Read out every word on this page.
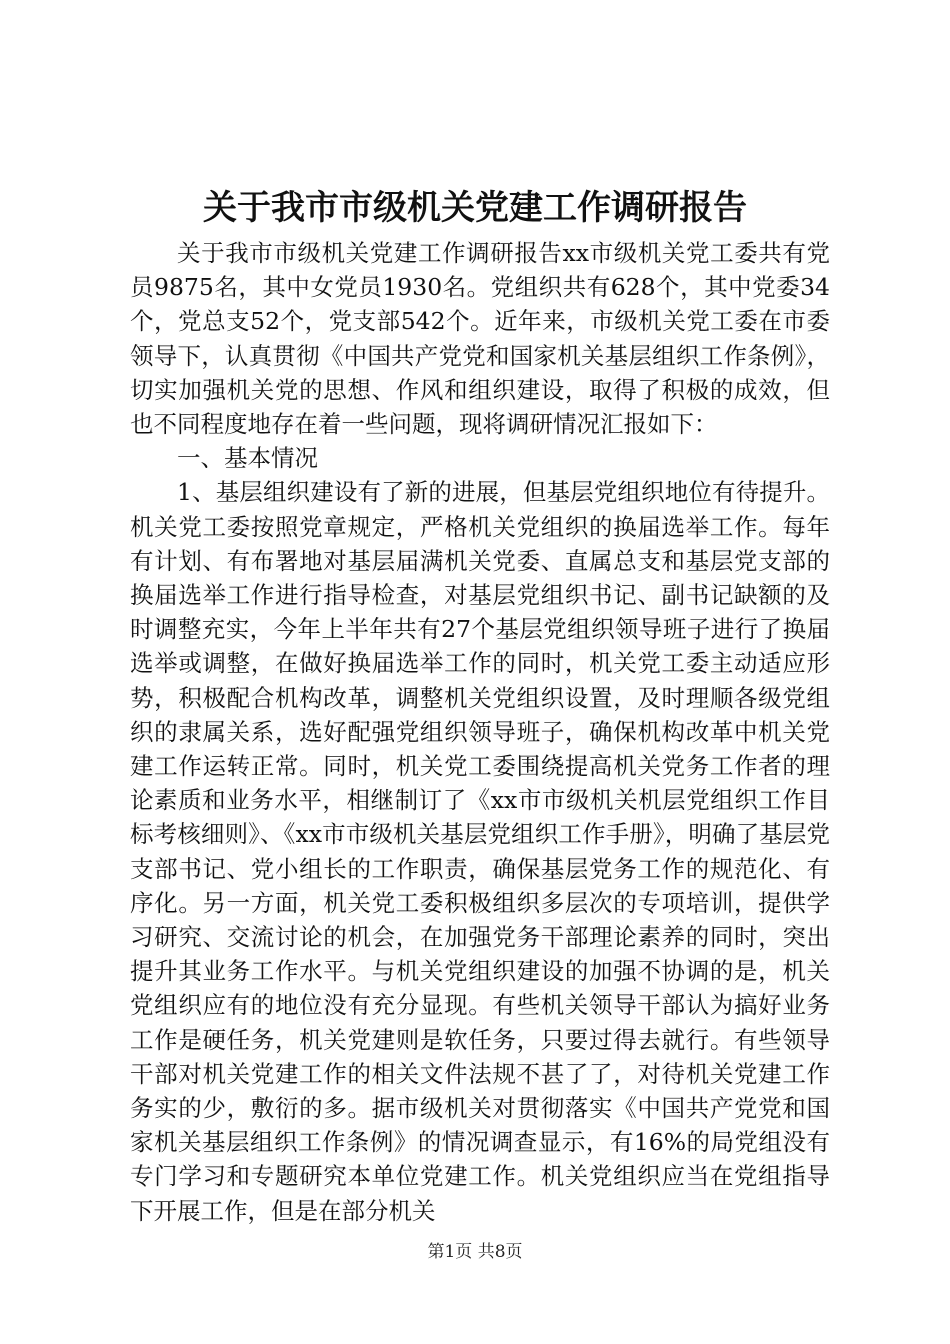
关于我市市级机关党建工作调研报告

关于我市市级机关党建工作调研报告xx市级机关党工委共有党员9875名，其中女党员1930名。党组织共有628个，其中党委34个，党总支52个，党支部542个。近年来，市级机关党工委在市委领导下，认真贯彻《中国共产党党和国家机关基层组织工作条例》，切实加强机关党的思想、作风和组织建设，取得了积极的成效，但也不同程度地存在着一些问题，现将调研情况汇报如下：

一、基本情况

1、基层组织建设有了新的进展，但基层党组织地位有待提升。机关党工委按照党章规定，严格机关党组织的换届选举工作。每年有计划、有布署地对基层届满机关党委、直属总支和基层党支部的换届选举工作进行指导检查，对基层党组织书记、副书记缺额的及时调整充实，今年上半年共有27个基层党组织领导班子进行了换届选举或调整，在做好换届选举工作的同时，机关党工委主动适应形势，积极配合机构改革，调整机关党组织设置，及时理顺各级党组织的隶属关系，选好配强党组织领导班子，确保机构改革中机关党建工作运转正常。同时，机关党工委围绕提高机关党务工作者的理论素质和业务水平，相继制订了《xx市市级机关机层党组织工作目标考核细则》、《xx市市级机关基层党组织工作手册》，明确了基层党支部书记、党小组长的工作职责，确保基层党务工作的规范化、有序化。另一方面，机关党工委积极组织多层次的专项培训，提供学习研究、交流讨论的机会，在加强党务干部理论素养的同时，突出提升其业务工作水平。与机关党组织建设的加强不协调的是，机关党组织应有的地位没有充分显现。有些机关领导干部认为搞好业务工作是硬任务，机关党建则是软任务，只要过得去就行。有些领导干部对机关党建工作的相关文件法规不甚了了，对待机关党建工作务实的少，敷衍的多。据市级机关对贯彻落实《中国共产党党和国家机关基层组织工作条例》的情况调查显示，有16%的局党组没有专门学习和专题研究本单位党建工作。机关党组织应当在党组指导下开展工作，但是在部分机关

第1页 共8页
